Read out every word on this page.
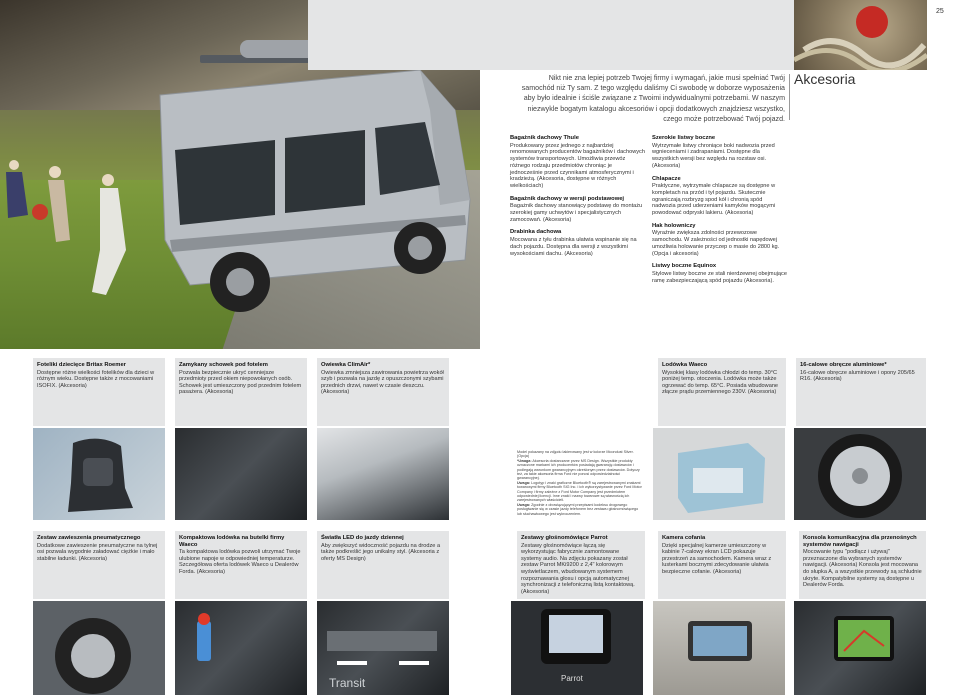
25
Nikt nie zna lepiej potrzeb Twojej firmy i wymagań, jakie musi spełniać Twój samochód niż Ty sam. Z tego względu daliśmy Ci swobodę w doborze wyposażenia aby było idealnie i ściśle związane z Twoimi indywidualnymi potrzebami. W naszym niezwykle bogatym katalogu akcesoriów i opcji dodatkowych znajdziesz wszystko, czego może potrzebować Twój pojazd.
Akcesoria
Bagażnik dachowy Thule

Produkowany przez jednego z najbardziej renomowanych producentów bagażników i dachowych systemów transportowych. Umożliwia przewóz różnego rodzaju przedmiotów chroniąc je jednocześnie przed czynnikami atmosferycznymi i kradzieżą. (Akcesoria, dostępne w różnych wielkościach)

Bagażnik dachowy w wersji podstawowej

Bagażnik dachowy stanowiący podstawę do montażu szerokiej gamy uchwytów i specjalistycznych zamocowań. (Akcesoria)

Drabinka dachowa

Mocowana z tyłu drabinka ułatwia wspinanie się na dach pojazdu. Dostępna dla wersji z wszystkimi wysokościami dachu. (Akcesoria)

Szerokie listwy boczne

Wytrzymałe listwy chroniące boki nadwozia przed wgnieceniami i zadrapaniami. Dostępne dla wszystkich wersji bez względu na rozstaw osi. (Akcesoria)

Chlapacze

Praktyczne, wytrzymałe chlapacze są dostępne w kompletach na przód i tył pojazdu. Skutecznie ograniczają rozbryzg spod kół i chronią spód nadwozia przed uderzeniami kamyków mogącymi powodować odpryski lakieru. (Akcesoria)

Hak holowniczy

Wyraźnie zwiększa zdolności przewozowe samochodu. W zależności od jednostki napędowej umożliwia holowanie przyczep o masie do 2800 kg. (Opcja i akcesoria)

Listwy boczne Equinox

Stylowe listwy boczne ze stali nierdzewnej obejmujące ramę zabezpieczającą spód pojazdu (Akcesoria).

Foteliki dziecięce Britax Roemer
Dostępne różne wielkości fotelików dla dzieci w różnym wieku. Dostępne także z mocowaniami ISOFIX. (Akcesoria)
Zamykany schowek pod fotelem
Pozwala bezpiecznie ukryć cenniejsze przedmioty przed okiem niepowołanych osób. Schowek jest umieszczony pod przednim fotelem pasażera. (Akcesoria)
Owiewka ClimAir*
Owiewka zmniejsza zawirowania powietrza wokół szyb i pozwala na jazdę z opuszczonymi szybami przednich drzwi, nawet w czasie deszczu. (Akcesoria)
Model pokazany na zdjęciu lakierowany jest w kolorze Moondust Silver. (Opcja)
*Uwaga: Akcesoria dostarczane przez MS Design. Wszystkie produkty oznaczone markami ich producentów posiadają gwarancję dostawców i podlegają warunkom gwarancyjnym określonym przez dostawców. Dotyczy też, za takie akcesoria firma Ford nie ponosi odpowiedzialności gwarancyjnej.
Uwaga: Logotyp i znaki graficzne Bluetooth® są zarejestrowanymi znakami towarowymi firmy Bluetooth SIG Inc. i ich wykorzystywanie przez Ford Motor Company i firmy zależne z Ford Motor Company jest przedmiotem odpowiedniej licencji. Inne znaki i nazwy towarowe są własnością ich zarejestrowanych właścicieli.
Uwaga: Zgodnie z obowiązującymi przepisami kodeksu drogowego posługiwanie się w czasie jazdy telefonem bez zestawu głośnomówiącego lub słuchawkowego jest wykroczeniem.
Lodówka Waeco
Wysokiej klasy lodówka chłodzi do temp. 30°C poniżej temp. otoczenia. Lodówka może także ogrzewać do temp. 65°C. Posiada wbudowane złącze prądu przemiennego 230V. (Akcesoria)
16-calowe obręcze aluminiowe*
16-calowe obręcze aluminiowe i opony 205/65 R16. (Akcesoria)
Zestaw zawieszenia pneumatycznego
Dodatkowe zawieszenie pneumatyczne na tylnej osi pozwala wygodnie załadować ciężkie i mało stabilne ładunki. (Akcesoria)
Kompaktowa lodówka na butelki firmy Waeco
Ta kompaktowa lodówka pozwoli utrzymać Twoje ulubione napoje w odpowiedniej temperaturze. Szczegółowa oferta lodówek Waeco u Dealerów Forda. (Akcesoria)
Światła LED do jazdy dziennej
Aby zwiększyć widoczność pojazdu na drodze a także podkreślić jego unikalny styl. (Akcesoria z oferty MS Design)
Transit
Zestawy głośnomówiące Parrot
Zestawy głośnomówiące łączą się wykorzystując fabrycznie zamontowane systemy audio. Na zdjęciu pokazany został zestaw Parrot MKi9200 z 2,4" kolorowym wyświetlaczem, wbudowanym systemem rozpoznawania głosu i opcją automatycznej synchronizacji z telefoniczną listą kontaktową. (Akcesoria)
Parrot
Kamera cofania
Dzięki specjalnej kamerze umieszczony w kabinie 7-calowy ekran LCD pokazuje przestrzeń za samochodem. Kamera wraz z lusterkami bocznymi zdecydowanie ułatwia bezpieczne cofanie. (Akcesoria)
Konsola komunikacyjna dla przenośnych systemów nawigacji
Mocowanie typu "podłącz i używaj" przeznaczone dla wybranych systemów nawigacji. (Akcesoria) Konsola jest mocowana do słupka A, a wszystkie przewody są schludnie ukryte. Kompatybilne systemy są dostępne u Dealerów Forda.
